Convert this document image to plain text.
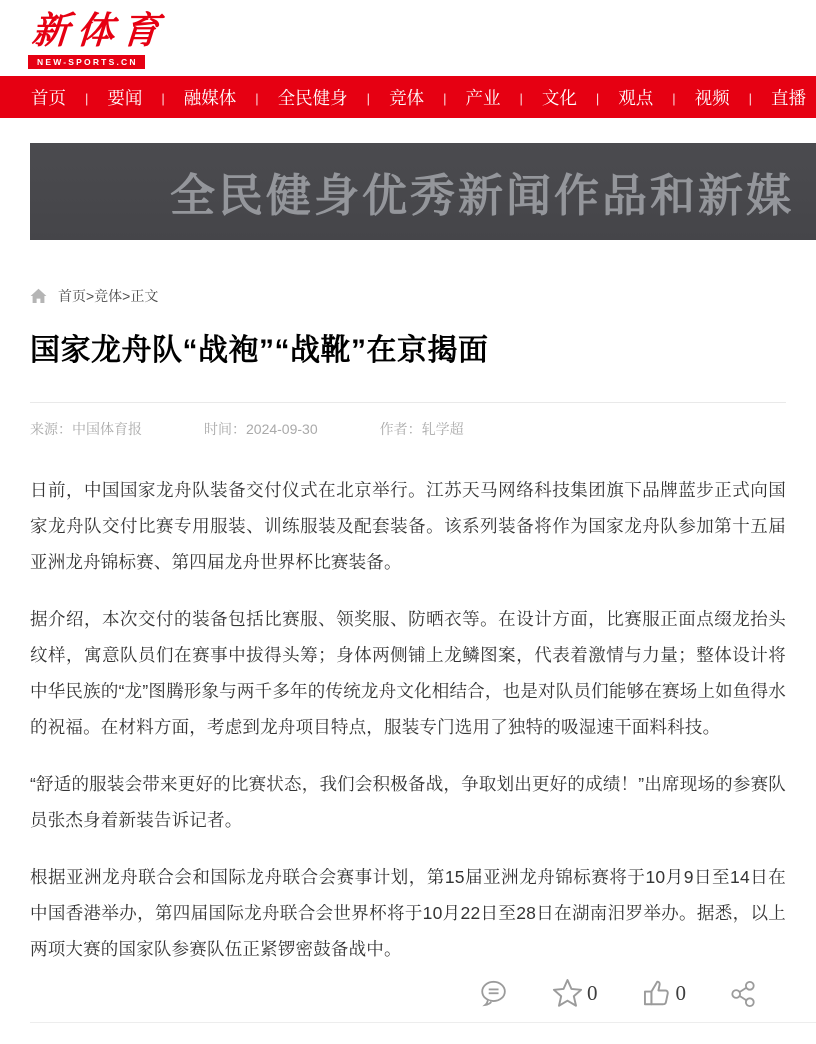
新体育
NEW-SPORTS.CN
首页 | 要闻 | 融媒体 | 全民健身 | 竞体 | 产业 | 文化 | 观点 | 视频 | 直播
全民健身优秀新闻作品和新媒
首页>竞体>正文
国家龙舟队“战袍”“战靴”在京揭面
来源：中国体育报	时间：2024-09-30	作者：轧学超

日前，中国国家龙舟队装备交付仪式在北京举行。江苏天马网络科技集团旗下品牌蓝步正式向国家龙舟队交付比赛专用服装、训练服装及配套装备。该系列装备将作为国家龙舟队参加第十五届亚洲龙舟锦标赛、第四届龙舟世界杯比赛装备。

据介绍，本次交付的装备包括比赛服、领奖服、防晒衣等。在设计方面，比赛服正面点缀龙抬头纹样，寓意队员们在赛事中拔得头筹；身体两侧铺上龙鳞图案，代表着激情与力量；整体设计将中华民族的“龙”图腾形象与两千多年的传统龙舟文化相结合，也是对队员们能够在赛场上如鱼得水的祝福。在材料方面，考虑到龙舟项目特点，服装专门选用了独特的吸湿速干面料科技。

“舒适的服装会带来更好的比赛状态，我们会积极备战，争取划出更好的成绩！”出席现场的参赛队员张杰身着新装告诉记者。

根据亚洲龙舟联合会和国际龙舟联合会赛事计划，第15届亚洲龙舟锦标赛将于10月9日至14日在中国香港举办，第四届国际龙舟联合会世界杯将于10月22日至28日在湖南汨罗举办。据悉，以上两项大赛的国家队参赛队伍正紧锣密鼓备战中。

0	0
